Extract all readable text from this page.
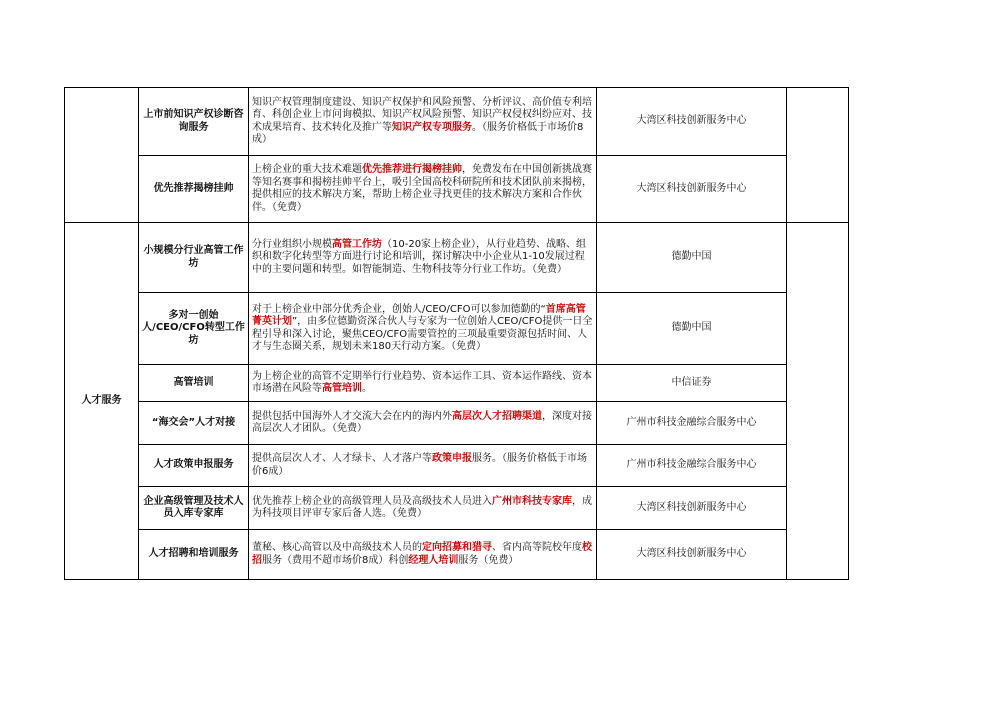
	上市前知识产权诊断咨询服务	知识产权管理制度建设、知识产权保护和风险预警、分析评议、高价值专利培育、科创企业上市问询模拟、知识产权风险预警、知识产权侵权纠纷应对、技术成果培育、技术转化及推广等知识产权专项服务。（服务价格低于市场价8成）	大湾区科技创新服务中心	
	优先推荐揭榜挂帅	上榜企业的重大技术难题优先推荐进行揭榜挂帅，免费发布在中国创新挑战赛等知名赛事和揭榜挂帅平台上，吸引全国高校科研院所和技术团队前来揭榜，提供相应的技术解决方案，帮助上榜企业寻找更佳的技术解决方案和合作伙伴。（免费）	大湾区科技创新服务中心	
人才服务	小规模分行业高管工作坊	分行业组织小规模高管工作坊（10-20家上榜企业），从行业趋势、战略、组织和数字化转型等方面进行讨论和培训，探讨解决中小企业从1-10发展过程中的主要问题和转型。如智能制造、生物科技等分行业工作坊。（免费）	德勤中国	
	多对一创始人/CEO/CFO转型工作坊	对于上榜企业中部分优秀企业，创始人/CEO/CFO可以参加德勤的“首席高管菁英计划”，由多位德勤资深合伙人与专家为一位创始人CEO/CFO提供一日全程引导和深入讨论，聚焦CEO/CFO需要管控的三项最重要资源包括时间、人才与生态圈关系，规划未来180天行动方案。（免费）	德勤中国	
	高管培训	为上榜企业的高管不定期举行行业趋势、资本运作工具、资本运作路线、资本市场潜在风险等高管培训。	中信证券	
	“海交会”人才对接	提供包括中国海外人才交流大会在内的海内外高层次人才招聘渠道，深度对接高层次人才团队。（免费）	广州市科技金融综合服务中心	
	人才政策申报服务	提供高层次人才、人才绿卡、人才落户等政策申报服务。（服务价格低于市场价6成）	广州市科技金融综合服务中心	
	企业高级管理及技术人员入库专家库	优先推荐上榜企业的高级管理人员及高级技术人员进入广州市科技专家库，成为科技项目评审专家后备人选。（免费）	大湾区科技创新服务中心	
	人才招聘和培训服务	董秘、核心高管以及中高级技术人员的定向招募和猎寻、省内高等院校年度校招服务（费用不超市场价8成）科创经理人培训服务（免费）	大湾区科技创新服务中心	
